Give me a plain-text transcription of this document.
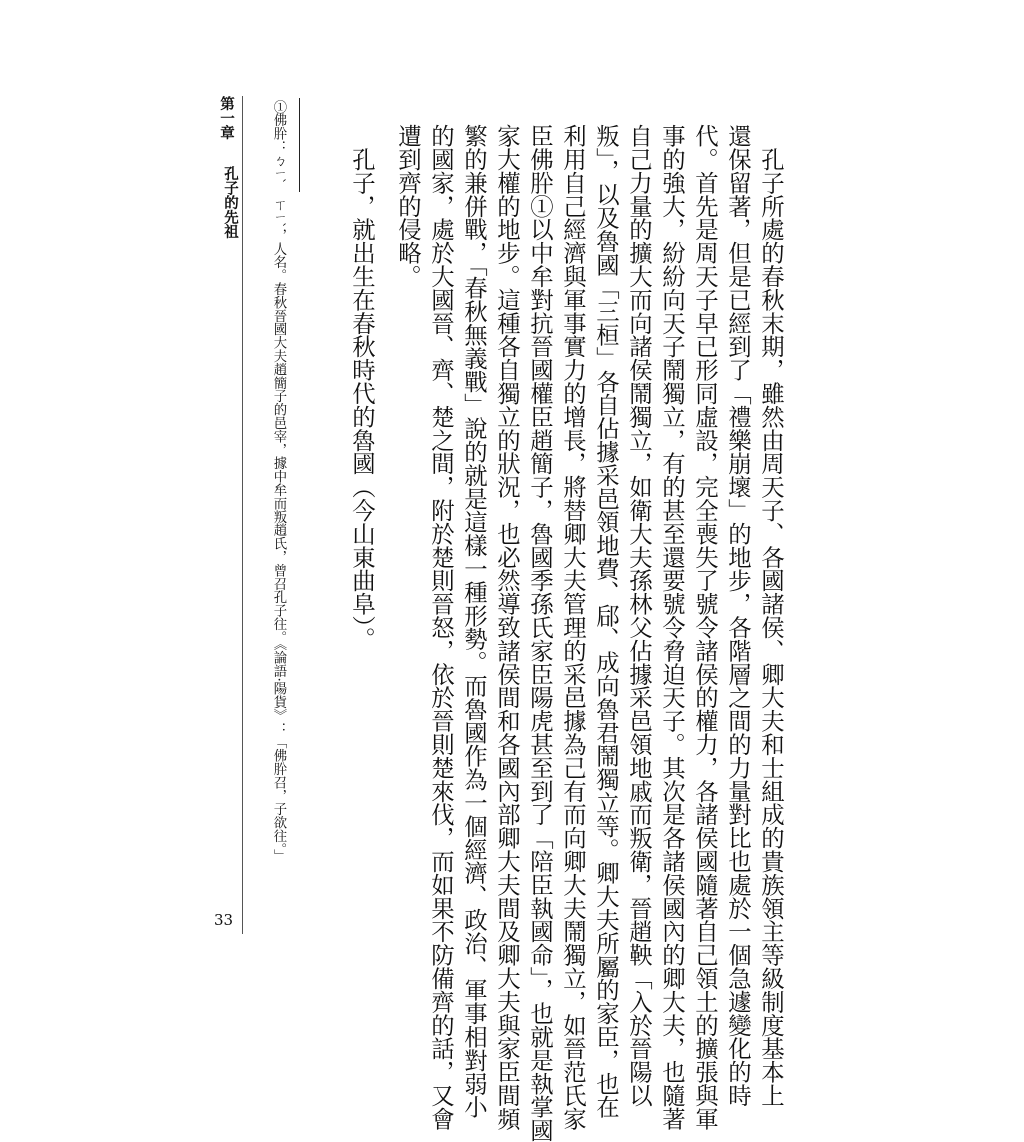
第一章
孔子的先祖	　孔子所處的春秋末期，雖然由周天子、各國諸侯、卿大夫和士組成的貴族領主等級制度基本上
還保留著，但是已經到了「禮樂崩壞」的地步，各階層之間的力量對比也處於一個急遽變化的時
代。首先是周天子早已形同虛設，完全喪失了號令諸侯的權力，各諸侯國隨著自己領土的擴張與軍
事的強大，紛紛向天子鬧獨立，有的甚至還要號令脅迫天子。其次是各諸侯國內的卿大夫，也隨著
自己力量的擴大而向諸侯鬧獨立，如衛大夫孫林父佔據采邑領地戚而叛衛，晉趙鞅「入於晉陽以
叛」，以及魯國「三桓」各自佔據采邑領地費、郈、成向魯君鬧獨立等。卿大夫所屬的家臣，也在
利用自己經濟與軍事實力的增長，將替卿大夫管理的采邑據為己有而向卿大夫鬧獨立，如晉范氏家
臣佛肸①以中牟對抗晉國權臣趙簡子，魯國季孫氏家臣陽虎甚至到了「陪臣執國命」，也就是執掌國
家大權的地步。這種各自獨立的狀況，也必然導致諸侯間和各國內部卿大夫間及卿大夫與家臣間頻
繁的兼併戰，「春秋無義戰」說的就是這樣一種形勢。而魯國作為一個經濟、政治、軍事相對弱小
的國家，處於大國晉、齊、楚之間，附於楚則晉怒，依於晉則楚來伐，而如果不防備齊的話，又會
遭到齊的侵略。
　孔子，就出生在春秋時代的魯國（今山東曲阜）。
①佛肸：ㄅㄧˋ　ㄒㄧˋ，人名。春秋晉國大夫趙簡子的邑宰，據中牟而叛趙氏，曾召孔子往。《論語·陽貨》：「佛肸召，子欲往。」
33
